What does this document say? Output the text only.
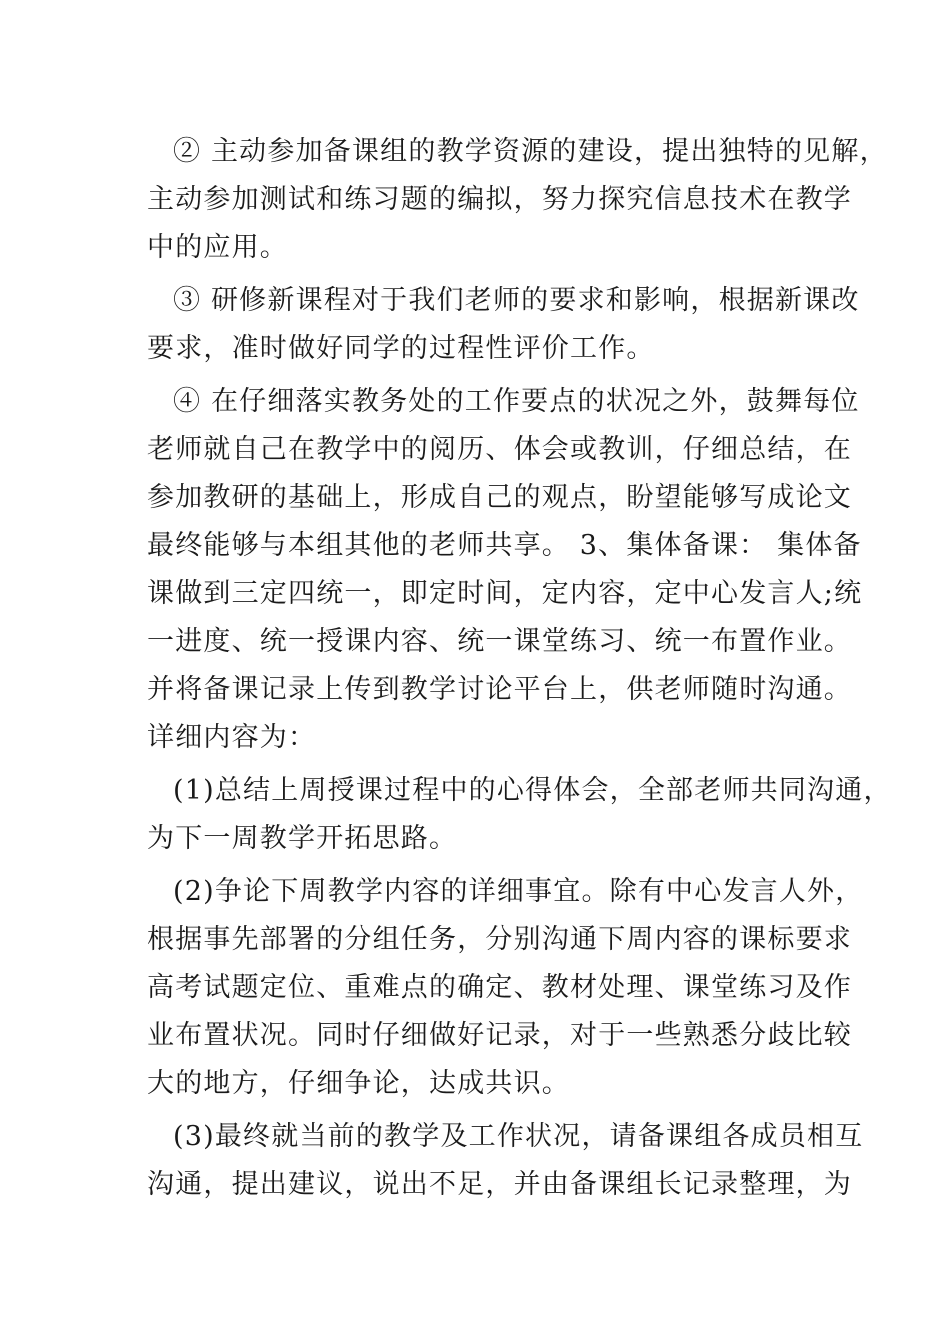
② 主动参加备课组的教学资源的建设，提出独特的见解，
主动参加测试和练习题的编拟，努力探究信息技术在教学
中的应用。
③ 研修新课程对于我们老师的要求和影响，根据新课改
要求，准时做好同学的过程性评价工作。
④ 在仔细落实教务处的工作要点的状况之外，鼓舞每位
老师就自己在教学中的阅历、体会或教训，仔细总结，在
参加教研的基础上，形成自己的观点，盼望能够写成论文
最终能够与本组其他的老师共享。 3、集体备课： 集体备
课做到三定四统一，即定时间，定内容，定中心发言人;统
一进度、统一授课内容、统一课堂练习、统一布置作业。
并将备课记录上传到教学讨论平台上，供老师随时沟通。
详细内容为：
(1)总结上周授课过程中的心得体会，全部老师共同沟通，
为下一周教学开拓思路。
(2)争论下周教学内容的详细事宜。除有中心发言人外，
根据事先部署的分组任务，分别沟通下周内容的课标要求
高考试题定位、重难点的确定、教材处理、课堂练习及作
业布置状况。同时仔细做好记录，对于一些熟悉分歧比较
大的地方，仔细争论，达成共识。
(3)最终就当前的教学及工作状况，请备课组各成员相互
沟通，提出建议，说出不足，并由备课组长记录整理，为
